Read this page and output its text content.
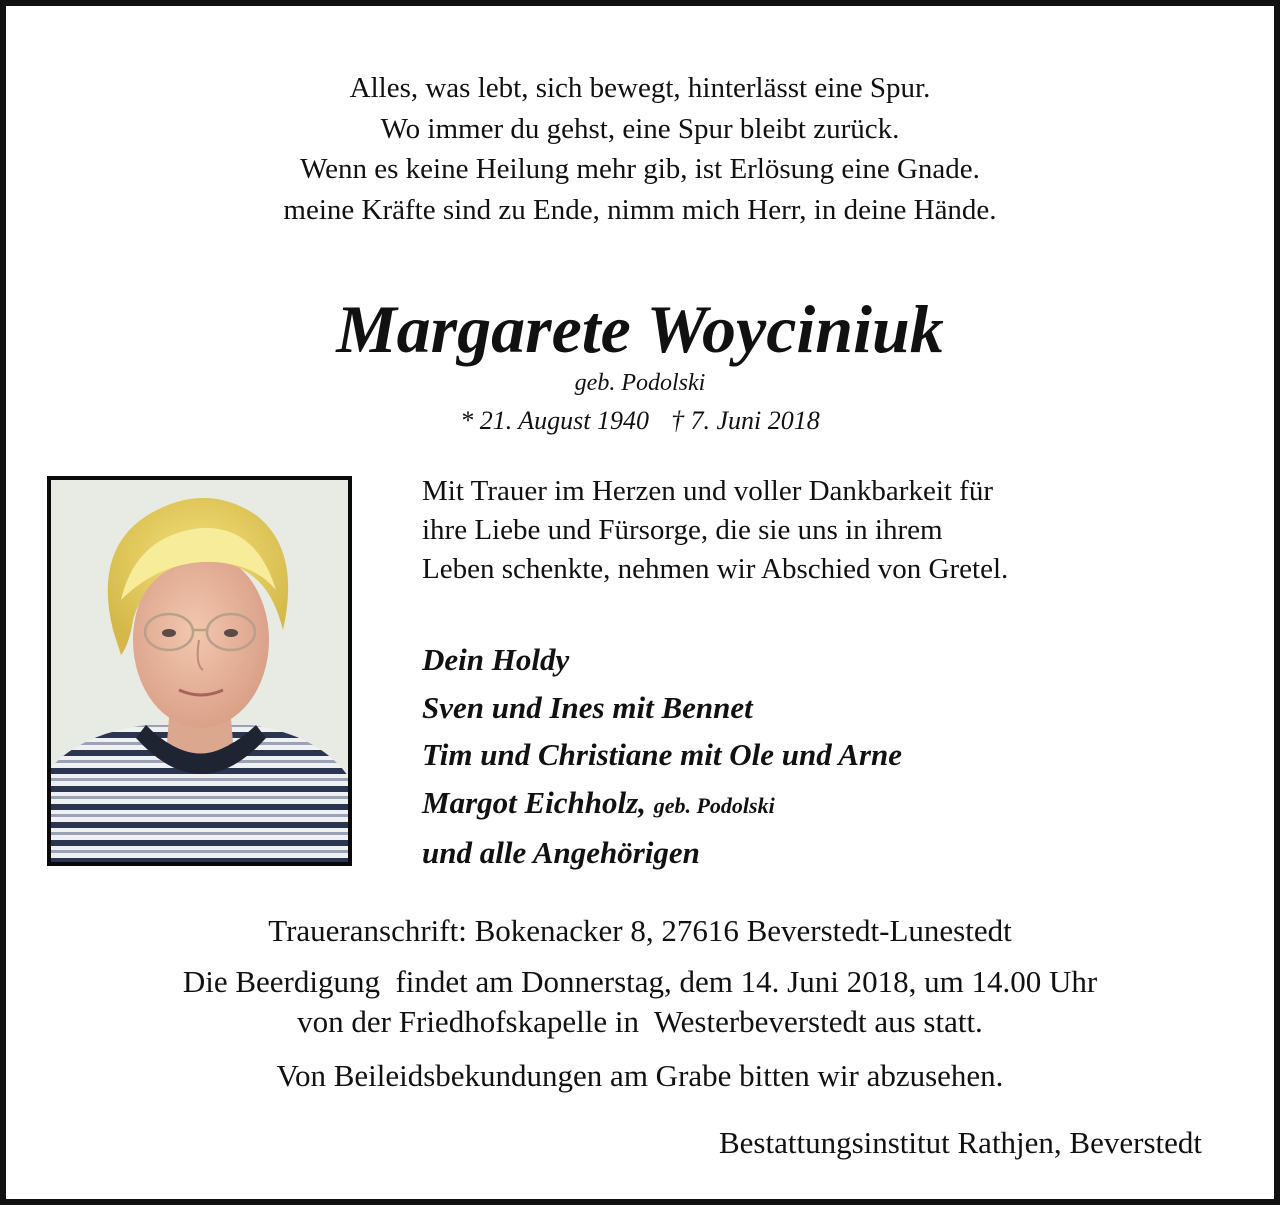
Alles, was lebt, sich bewegt, hinterlässt eine Spur.
Wo immer du gehst, eine Spur bleibt zurück.
Wenn es keine Heilung mehr gib, ist Erlösung eine Gnade.
meine Kräfte sind zu Ende, nimm mich Herr, in deine Hände.
Margarete Woyciniuk
geb. Podolski
* 21. August 1940 † 7. Juni 2018
Mit Trauer im Herzen und voller Dankbarkeit für
ihre Liebe und Fürsorge, die sie uns in ihrem
Leben schenkte, nehmen wir Abschied von Gretel.
Dein Holdy
Sven und Ines mit Bennet
Tim und Christiane mit Ole und Arne
Margot Eichholz, geb. Podolski
und alle Angehörigen
Traueranschrift: Bokenacker 8, 27616 Beverstedt-Lunestedt
Die Beerdigung  findet am Donnerstag, dem 14. Juni 2018, um 14.00 Uhr
von der Friedhofskapelle in  Westerbeverstedt aus statt.
Von Beileidsbekundungen am Grabe bitten wir abzusehen.
Bestattungsinstitut Rathjen, Beverstedt
